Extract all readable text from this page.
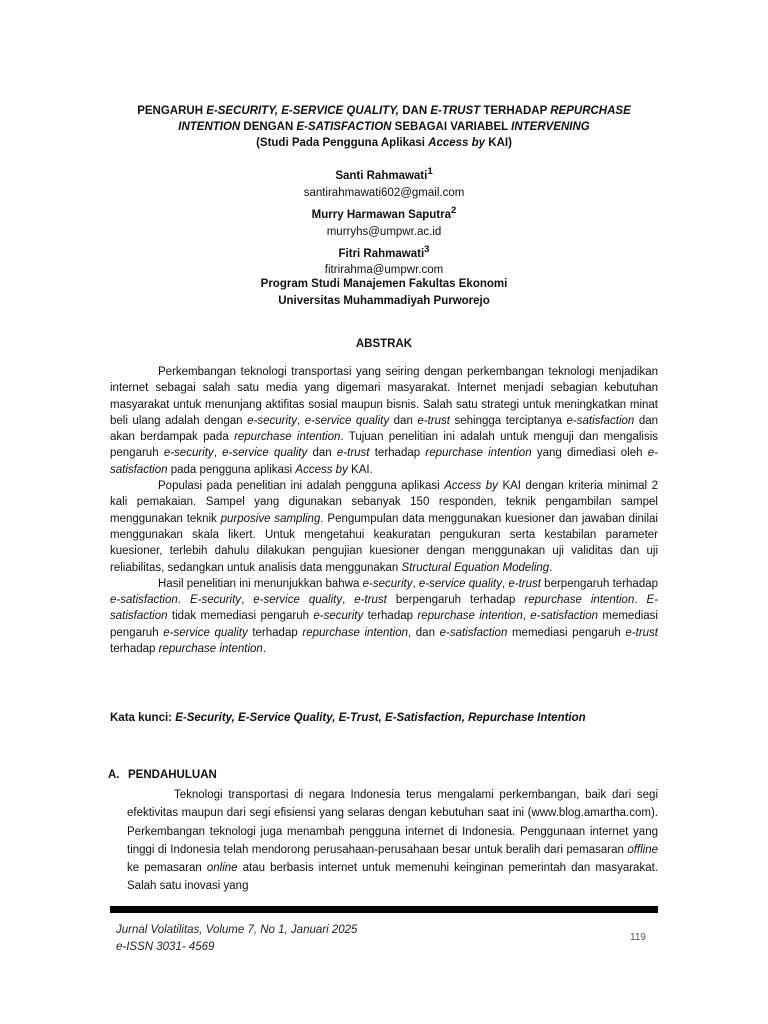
PENGARUH E-SECURITY, E-SERVICE QUALITY, DAN E-TRUST TERHADAP REPURCHASE
INTENTION DENGAN E-SATISFACTION SEBAGAI VARIABEL INTERVENING
(Studi Pada Pengguna Aplikasi Access by KAI)
Santi Rahmawati$^1$
santirahmawati602@gmail.com
Murry Harmawan Saputra$^2$
murryhs@umpwr.ac.id
Fitri Rahmawati$^3$
fitrirahma@umpwr.com
Program Studi Manajemen Fakultas Ekonomi
Universitas Muhammadiyah Purworejo
ABSTRAK

Perkembangan teknologi transportasi yang seiring dengan perkembangan teknologi menjadikan internet sebagai salah satu media yang digemari masyarakat. Internet menjadi sebagian kebutuhan masyarakat untuk menunjang aktifitas sosial maupun bisnis. Salah satu strategi untuk meningkatkan minat beli ulang adalah dengan e-security, e-service quality dan e-trust sehingga terciptanya e-satisfaction dan akan berdampak pada repurchase intention. Tujuan penelitian ini adalah untuk menguji dan mengalisis pengaruh e-security, e-service quality dan e-trust terhadap repurchase intention yang dimediasi oleh e-satisfaction pada pengguna aplikasi Access by KAI.

Populasi pada penelitian ini adalah pengguna aplikasi Access by KAI dengan kriteria minimal 2 kali pemakaian. Sampel yang digunakan sebanyak 150 responden, teknik pengambilan sampel menggunakan teknik purposive sampling. Pengumpulan data menggunakan kuesioner dan jawaban dinilai menggunakan skala likert. Untuk mengetahui keakuratan pengukuran serta kestabilan parameter kuesioner, terlebih dahulu dilakukan pengujian kuesioner dengan menggunakan uji validitas dan uji reliabilitas, sedangkan untuk analisis data menggunakan Structural Equation Modeling.

Hasil penelitian ini menunjukkan bahwa e-security, e-service quality, e-trust berpengaruh terhadap e-satisfaction. E-security, e-service quality, e-trust berpengaruh terhadap repurchase intention. E-satisfaction tidak memediasi pengaruh e-security terhadap repurchase intention, e-satisfaction memediasi pengaruh e-service quality terhadap repurchase intention, dan e-satisfaction memediasi pengaruh e-trust terhadap repurchase intention.

Kata kunci: E-Security, E-Service Quality, E-Trust, E-Satisfaction, Repurchase Intention
A. PENDAHULUAN

Teknologi transportasi di negara Indonesia terus mengalami perkembangan, baik dari segi efektivitas maupun dari segi efisiensi yang selaras dengan kebutuhan saat ini (www.blog.amartha.com). Perkembangan teknologi juga menambah pengguna internet di Indonesia. Penggunaan internet yang tinggi di Indonesia telah mendorong perusahaan-perusahaan besar untuk beralih dari pemasaran offline ke pemasaran online atau berbasis internet untuk memenuhi keinginan pemerintah dan masyarakat. Salah satu inovasi yang

Jurnal Volatilitas, Volume 7, No 1, Januari 2025
e-ISSN 3031- 4569
119
